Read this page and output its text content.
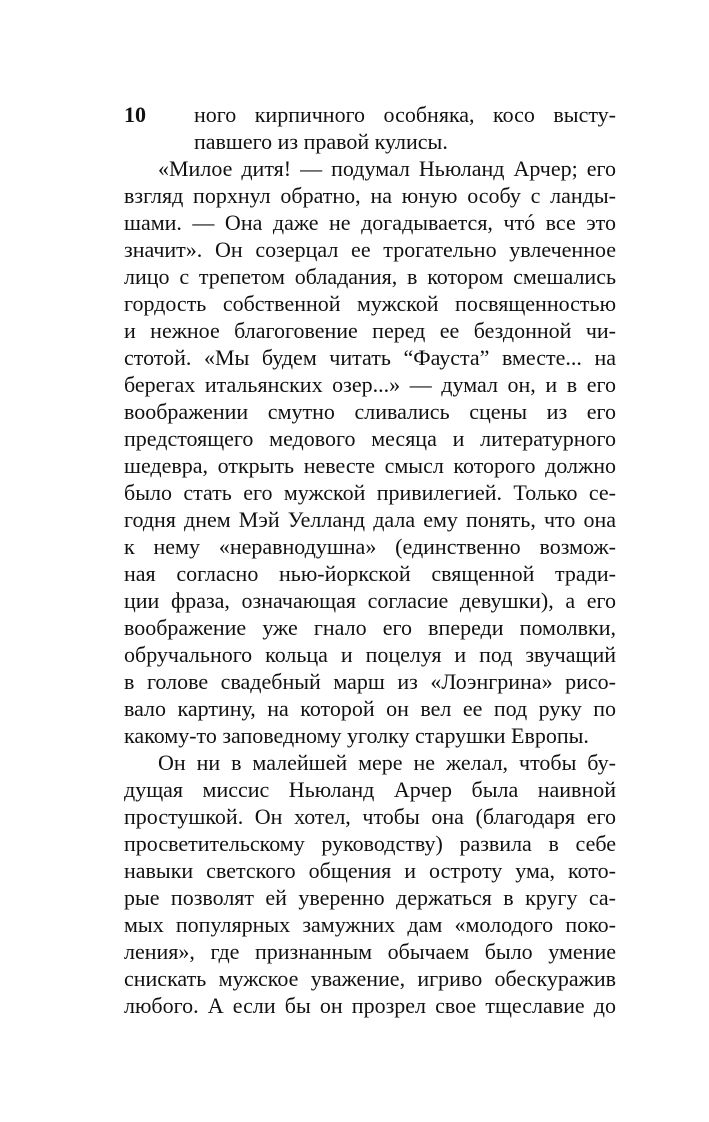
10	ного кирпичного особняка, косо высту-
павшего из правой кулисы.
«Милое дитя! — подумал Ньюланд Арчер; его
взгляд порхнул обратно, на юную особу с ланды-
шами. — Она даже не догадывается, чтó все это
значит». Он созерцал ее трогательно увлеченное
лицо с трепетом обладания, в котором смешались
гордость собственной мужской посвященностью
и нежное благоговение перед ее бездонной чи-
стотой. «Мы будем читать “Фауста” вместе... на
берегах итальянских озер...» — думал он, и в его
воображении смутно сливались сцены из его
предстоящего медового месяца и литературного
шедевра, открыть невесте смысл которого должно
было стать его мужской привилегией. Только се-
годня днем Мэй Уелланд дала ему понять, что она
к нему «неравнодушна» (единственно возмож-
ная согласно нью-йоркской священной тради-
ции фраза, означающая согласие девушки), а его
воображение уже гнало его впереди помолвки,
обручального кольца и поцелуя и под звучащий
в голове свадебный марш из «Лоэнгрина» рисо-
вало картину, на которой он вел ее под руку по
какому-то заповедному уголку старушки Европы.
Он ни в малейшей мере не желал, чтобы бу-
дущая миссис Ньюланд Арчер была наивной
простушкой. Он хотел, чтобы она (благодаря его
просветительскому руководству) развила в себе
навыки светского общения и остроту ума, кото-
рые позволят ей уверенно держаться в кругу са-
мых популярных замужних дам «молодого поко-
ления», где признанным обычаем было умение
снискать мужское уважение, игриво обескуражив
любого. А если бы он прозрел свое тщеславие до
